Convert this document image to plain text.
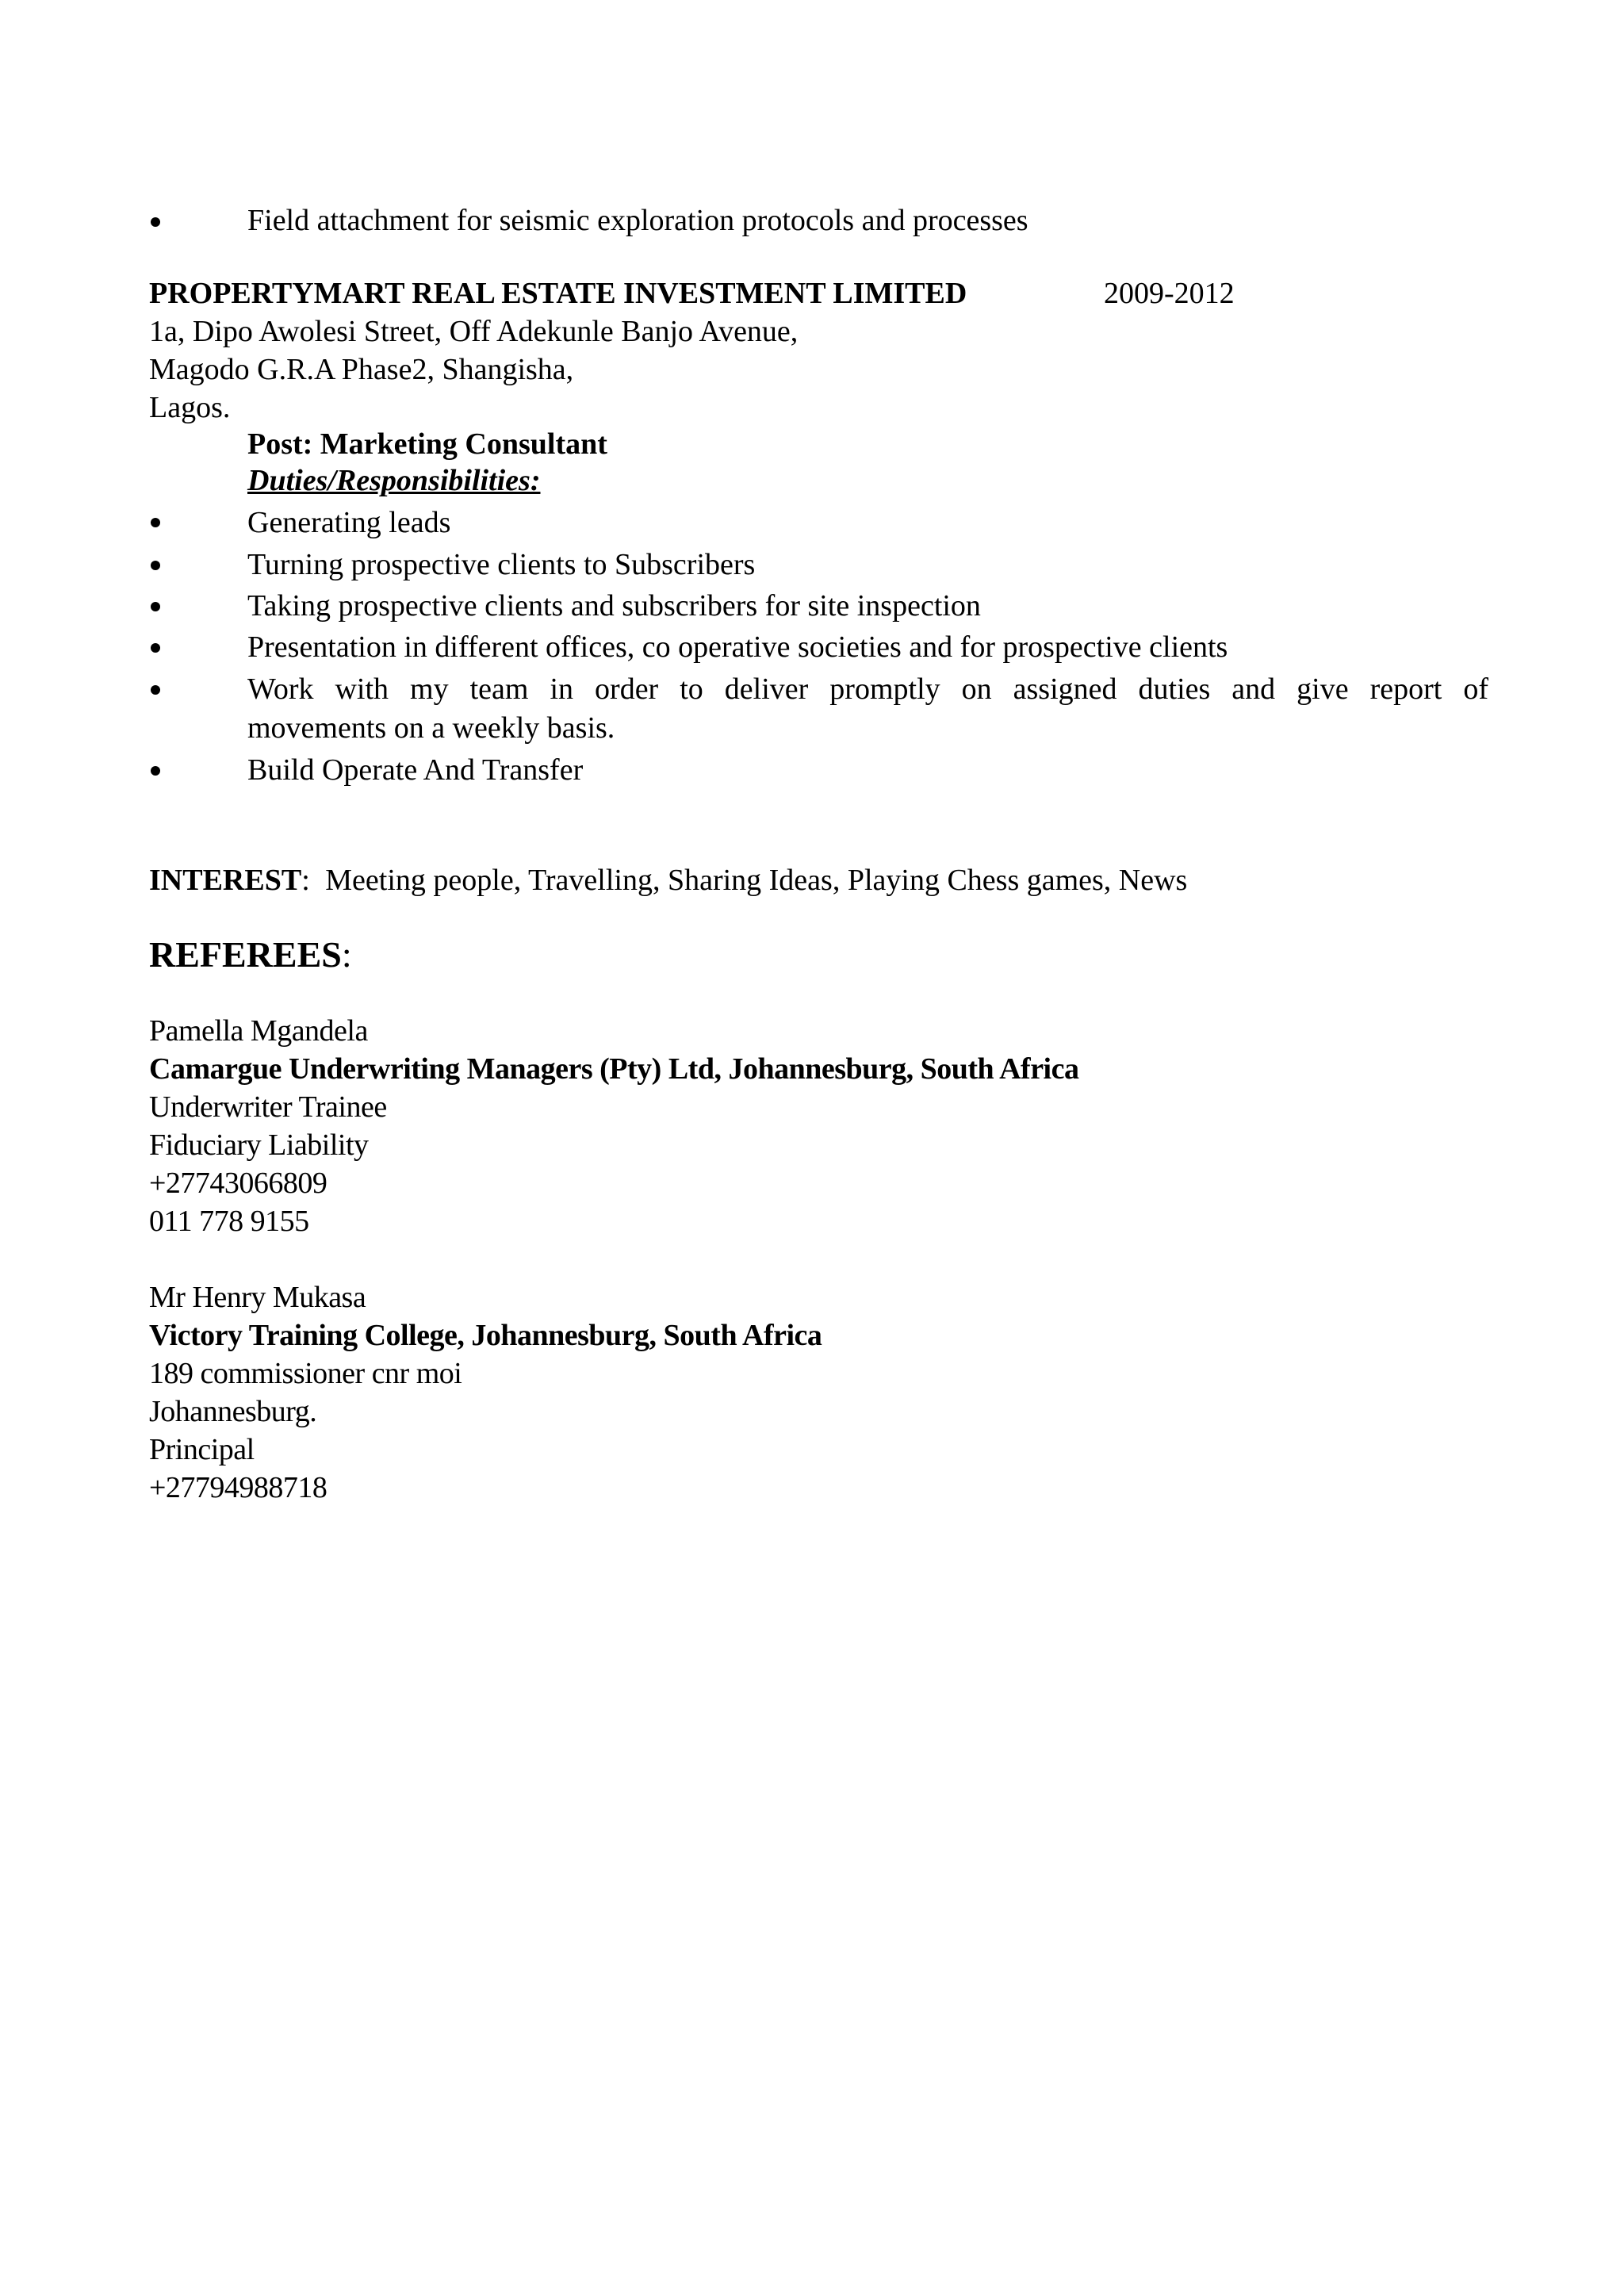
Field attachment for seismic exploration protocols and processes
PROPERTYMART REAL ESTATE INVESTMENT LIMITED	2009-2012
1a, Dipo Awolesi Street, Off Adekunle Banjo Avenue,
Magodo G.R.A Phase2, Shangisha,
Lagos.
Post: Marketing Consultant
Duties/Responsibilities:
Generating leads
Turning prospective clients to Subscribers
Taking prospective clients and subscribers for site inspection
Presentation in different offices, co operative societies and for prospective clients
Work with my team in order to deliver promptly on assigned duties and give report of
movements on a weekly basis.
Build Operate And Transfer
INTEREST: Meeting people, Travelling, Sharing Ideas, Playing Chess games, News
REFEREES:
Pamella Mgandela
Camargue Underwriting Managers (Pty) Ltd, Johannesburg, South Africa
Underwriter Trainee
Fiduciary Liability
+27743066809
011 778 9155
Mr Henry Mukasa
Victory Training College, Johannesburg, South Africa
189 commissioner cnr moi
Johannesburg.
Principal
+27794988718
